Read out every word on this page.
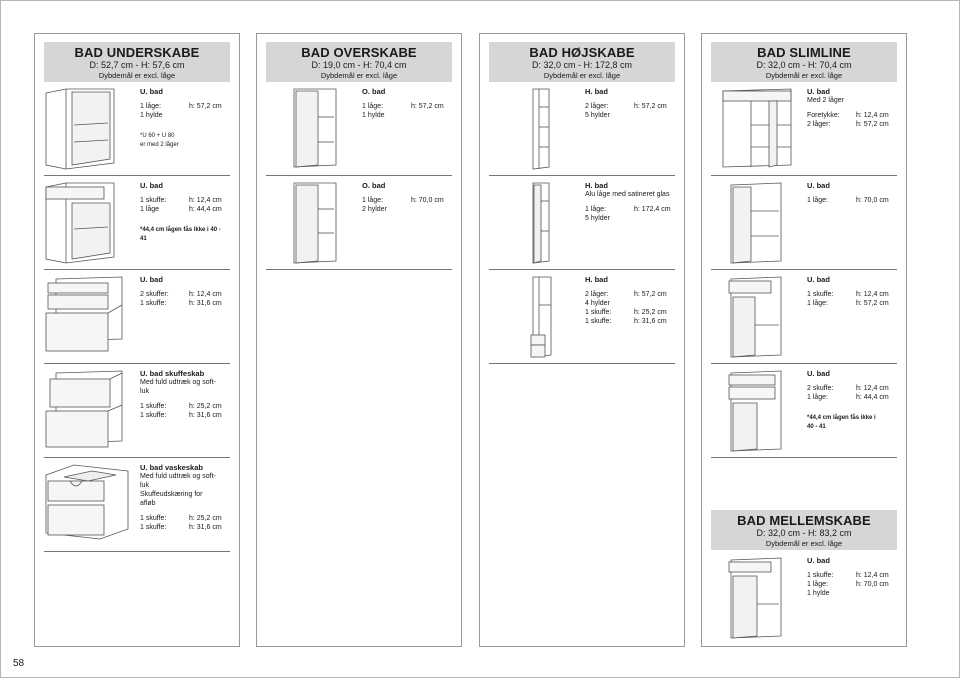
BAD UNDERSKABE
D: 52,7 cm - H: 57,6 cm
Dybdemål er excl. låge
U. bad
1 låge:	h: 57,2 cm
1 hylde
*U 60 + U 80
er med 2 låger
U. bad
1 skuffe:	h: 12,4 cm
1 låge	h: 44,4 cm
*44,4 cm lågen fås ikke i 40 -
41
U. bad
2 skuffer:	h: 12,4 cm
1 skuffe:	h: 31,6 cm
U. bad skuffeskab
Med fuld udtræk og soft-
luk
1 skuffe:	h: 25,2 cm
1 skuffe:	h: 31,6 cm
U. bad vaskeskab
Med fuld udtræk og soft-
luk
Skuffeudskæring for
afløb
1 skuffe:	h: 25,2 cm
1 skuffe:	h: 31,6 cm
BAD OVERSKABE
D: 19,0 cm - H: 70,4 cm
Dybdemål er excl. låge
O. bad
1 låge:	h: 57,2 cm
1 hylde
O. bad
1 låge:	h: 70,0 cm
2 hylder
BAD HØJSKABE
D: 32,0 cm - H: 172,8 cm
Dybdemål er excl. låge
H. bad
2 låger:	h: 57,2 cm
5 hylder
H. bad
Alu låge med satineret glas
1 låge:	h: 172,4 cm
5 hylder
H. bad
2 låger:	h: 57,2 cm
4 hylder
1 skuffe:	h: 25,2 cm
1 skuffe:	h: 31,6 cm
BAD SLIMLINE
D: 32,0 cm - H: 70,4 cm
Dybdemål er excl. låge
U. bad
Med 2 låger
Foretykke: h: 12,4 cm
2 låger:	h: 57,2 cm
U. bad
1 låge:	h: 70,0 cm
U. bad
1 skuffe:	h: 12,4 cm
1 låge:	h: 57,2 cm
U. bad
2 skuffe:	h: 12,4 cm
1 låge:	h: 44,4 cm
*44,4 cm lågen fås ikke i
40 - 41
BAD MELLEMSKABE
D: 32,0 cm - H: 83,2 cm
Dybdemål er excl. låge
U. bad
1 skuffe:	h: 12,4 cm
1 låge:	h: 70,0 cm
1 hylde
58
